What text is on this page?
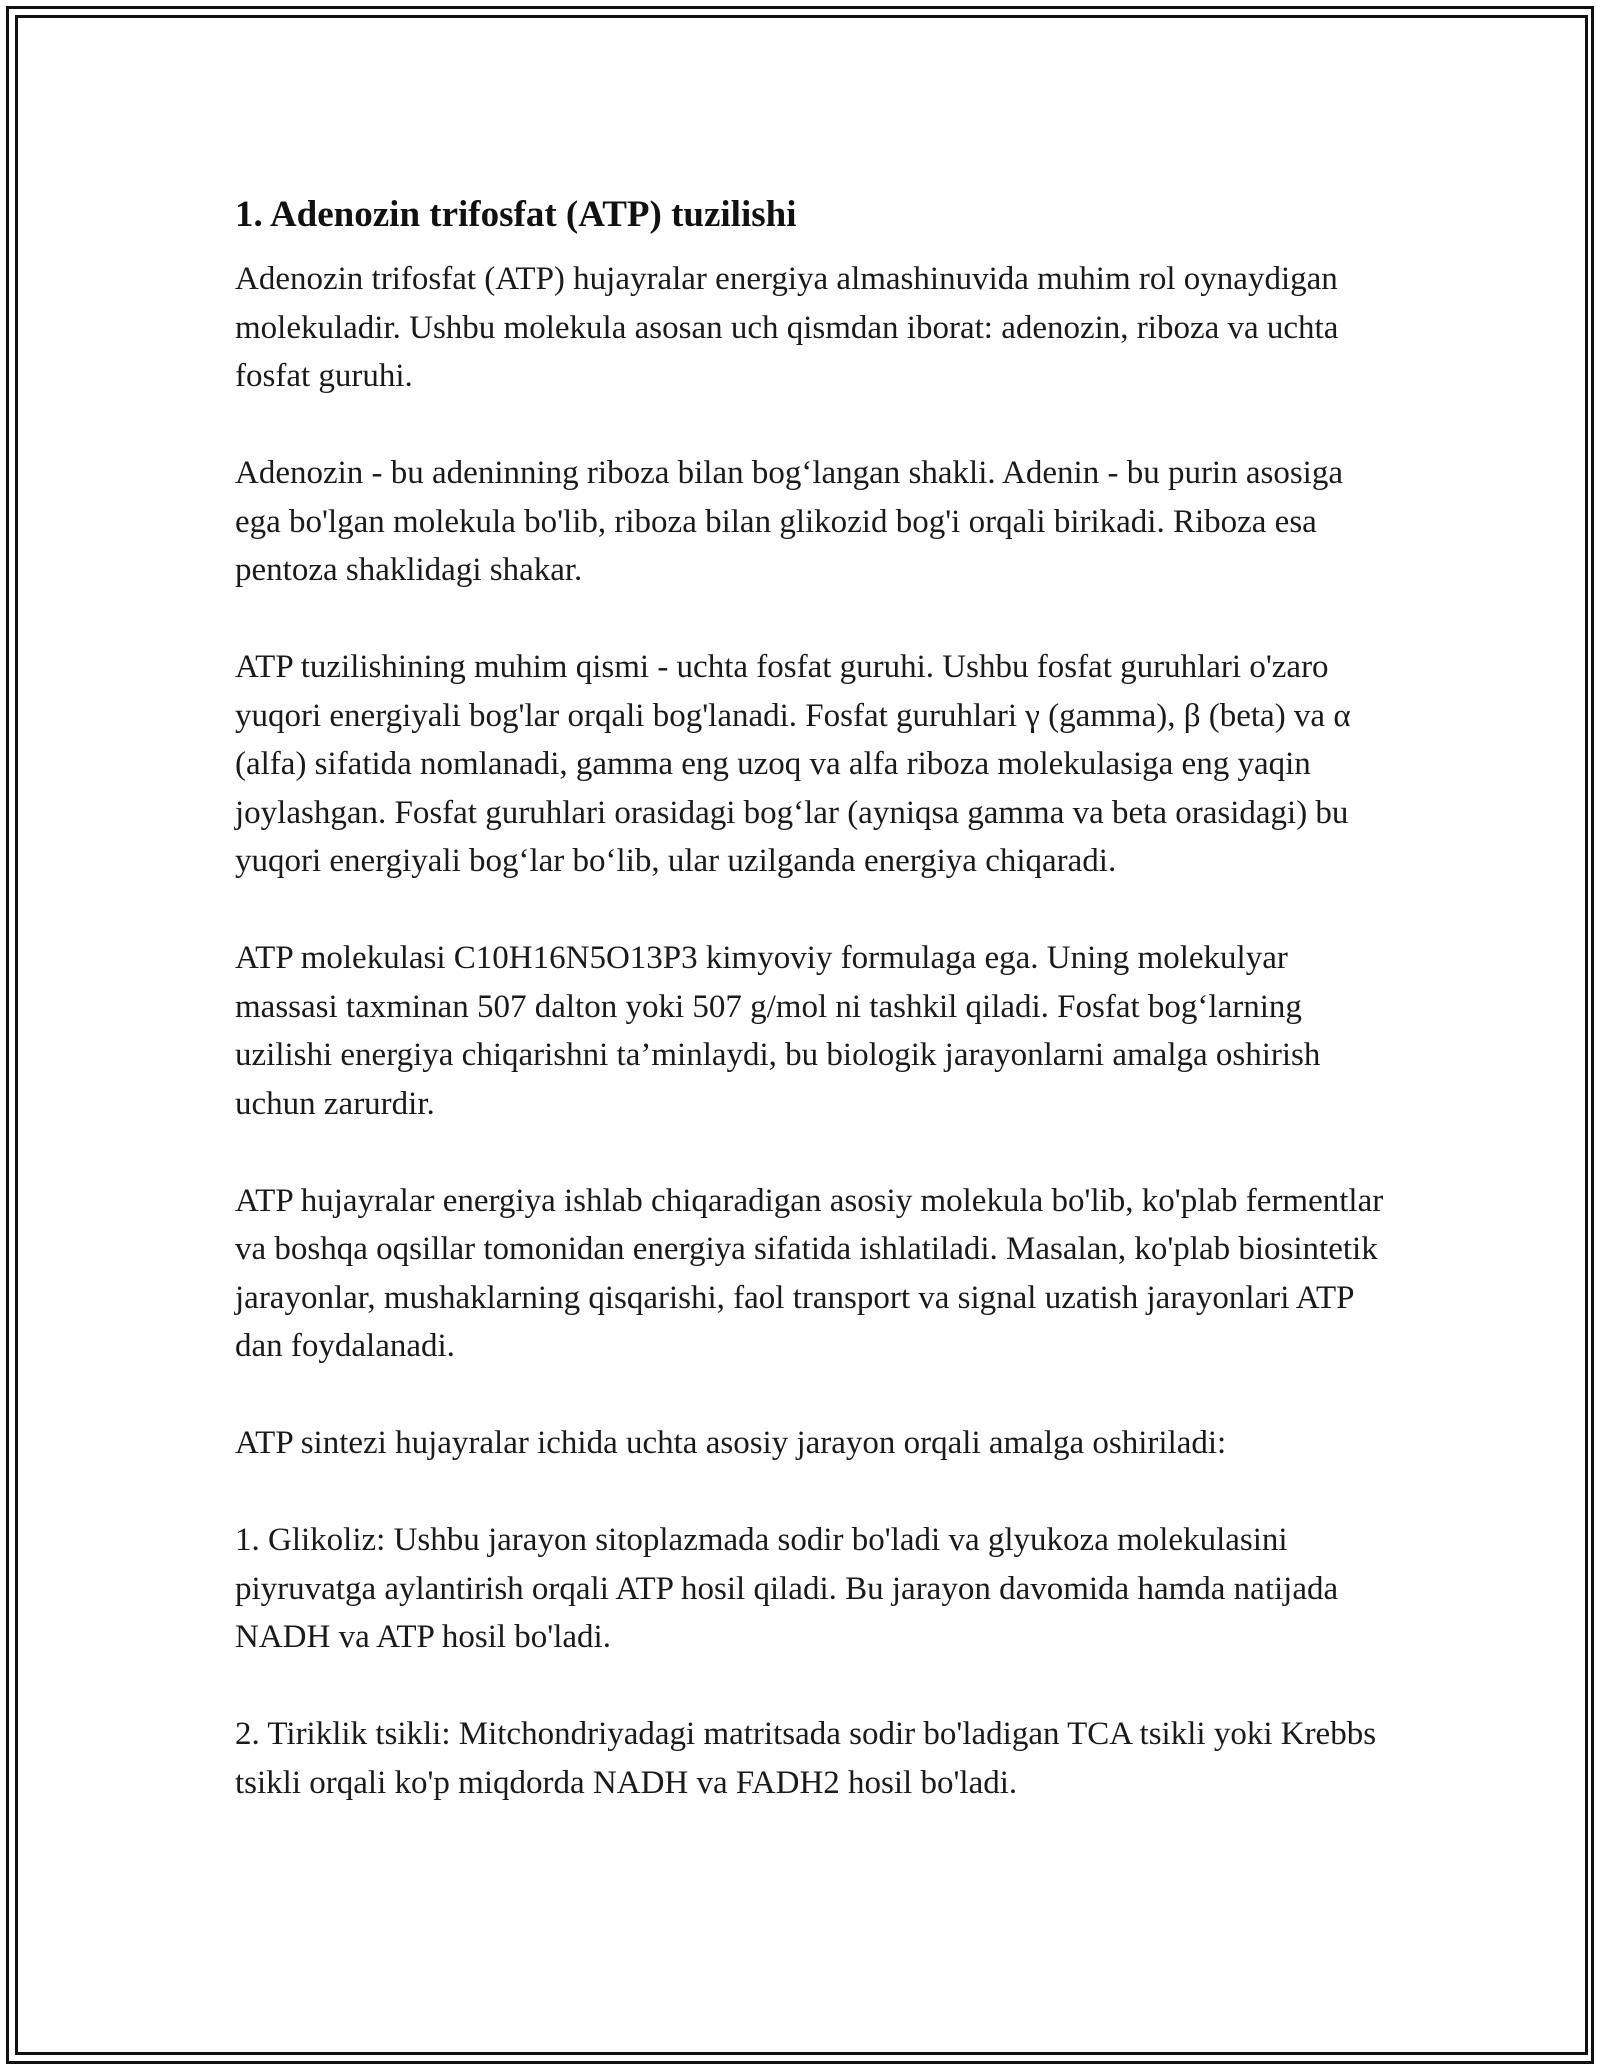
1. Adenozin trifosfat (ATP) tuzilishi

Adenozin trifosfat (ATP) hujayralar energiya almashinuvida muhim rol oynaydigan molekuladir. Ushbu molekula asosan uch qismdan iborat: adenozin, riboza va uchta fosfat guruhi.

Adenozin - bu adeninning riboza bilan bog‘langan shakli. Adenin - bu purin asosiga ega bo'lgan molekula bo'lib, riboza bilan glikozid bog'i orqali birikadi. Riboza esa pentoza shaklidagi shakar.

ATP tuzilishining muhim qismi - uchta fosfat guruhi. Ushbu fosfat guruhlari o'zaro yuqori energiyali bog'lar orqali bog'lanadi. Fosfat guruhlari γ (gamma), β (beta) va α (alfa) sifatida nomlanadi, gamma eng uzoq va alfa riboza molekulasiga eng yaqin joylashgan. Fosfat guruhlari orasidagi bog‘lar (ayniqsa gamma va beta orasidagi) bu yuqori energiyali bog‘lar bo‘lib, ular uzilganda energiya chiqaradi.

ATP molekulasi C10H16N5O13P3 kimyoviy formulaga ega. Uning molekulyar massasi taxminan 507 dalton yoki 507 g/mol ni tashkil qiladi. Fosfat bog‘larning uzilishi energiya chiqarishni ta’minlaydi, bu biologik jarayonlarni amalga oshirish uchun zarurdir.

ATP hujayralar energiya ishlab chiqaradigan asosiy molekula bo'lib, ko'plab fermentlar va boshqa oqsillar tomonidan energiya sifatida ishlatiladi. Masalan, ko'plab biosintetik jarayonlar, mushaklarning qisqarishi, faol transport va signal uzatish jarayonlari ATP dan foydalanadi.

ATP sintezi hujayralar ichida uchta asosiy jarayon orqali amalga oshiriladi:

1. Glikoliz: Ushbu jarayon sitoplazmada sodir bo'ladi va glyukoza molekulasini piyruvatga aylantirish orqali ATP hosil qiladi. Bu jarayon davomida hamda natijada NADH va ATP hosil bo'ladi.

2. Tiriklik tsikli: Mitchondriyadagi matritsada sodir bo'ladigan TCA tsikli yoki Krebbs tsikli orqali ko'p miqdorda NADH va FADH2 hosil bo'ladi.
